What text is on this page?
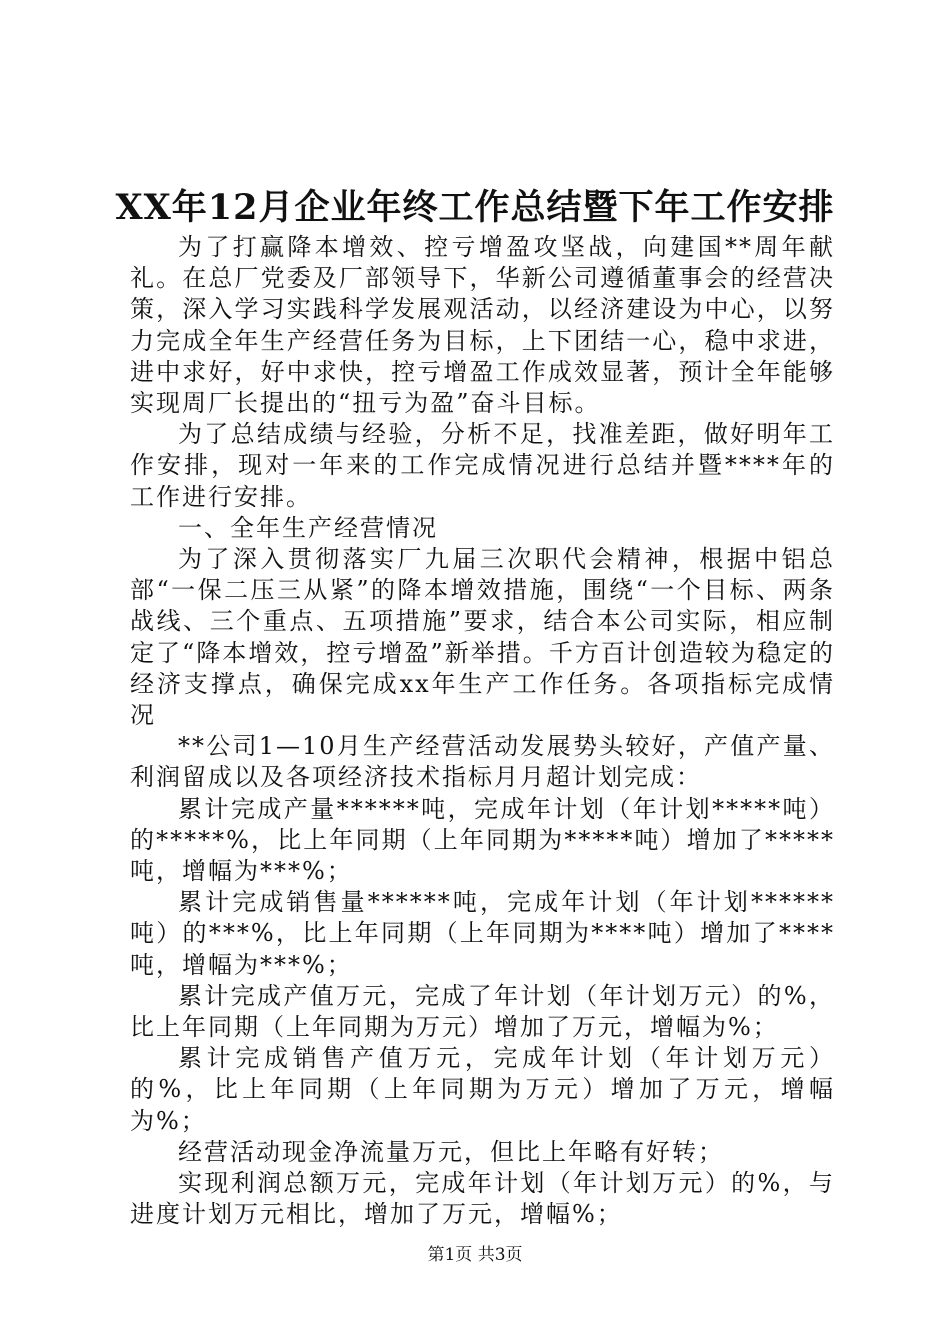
XX年12月企业年终工作总结暨下年工作安排

为了打赢降本增效、控亏增盈攻坚战，向建国**周年献礼。在总厂党委及厂部领导下，华新公司遵循董事会的经营决策，深入学习实践科学发展观活动，以经济建设为中心，以努力完成全年生产经营任务为目标，上下团结一心，稳中求进，进中求好，好中求快，控亏增盈工作成效显著，预计全年能够实现周厂长提出的“扭亏为盈”奋斗目标。

为了总结成绩与经验，分析不足，找准差距，做好明年工作安排，现对一年来的工作完成情况进行总结并暨****年的工作进行安排。

一、全年生产经营情况

为了深入贯彻落实厂九届三次职代会精神，根据中铝总部“一保二压三从紧”的降本增效措施，围绕“一个目标、两条战线、三个重点、五项措施”要求，结合本公司实际，相应制定了“降本增效，控亏增盈”新举措。千方百计创造较为稳定的经济支撑点，确保完成xx年生产工作任务。各项指标完成情况

**公司1—10月生产经营活动发展势头较好，产值产量、利润留成以及各项经济技术指标月月超计划完成：

累计完成产量******吨，完成年计划（年计划*****吨）的*****%，比上年同期（上年同期为*****吨）增加了*****吨，增幅为***%；

累计完成销售量******吨，完成年计划（年计划******吨）的***%，比上年同期（上年同期为****吨）增加了****吨，增幅为***%；

累计完成产值万元，完成了年计划（年计划万元）的%，比上年同期（上年同期为万元）增加了万元，增幅为%；

累计完成销售产值万元，完成年计划（年计划万元）的%，比上年同期（上年同期为万元）增加了万元，增幅为%；

经营活动现金净流量万元，但比上年略有好转；

实现利润总额万元，完成年计划（年计划万元）的%，与进度计划万元相比，增加了万元，增幅%；

第1页 共3页
